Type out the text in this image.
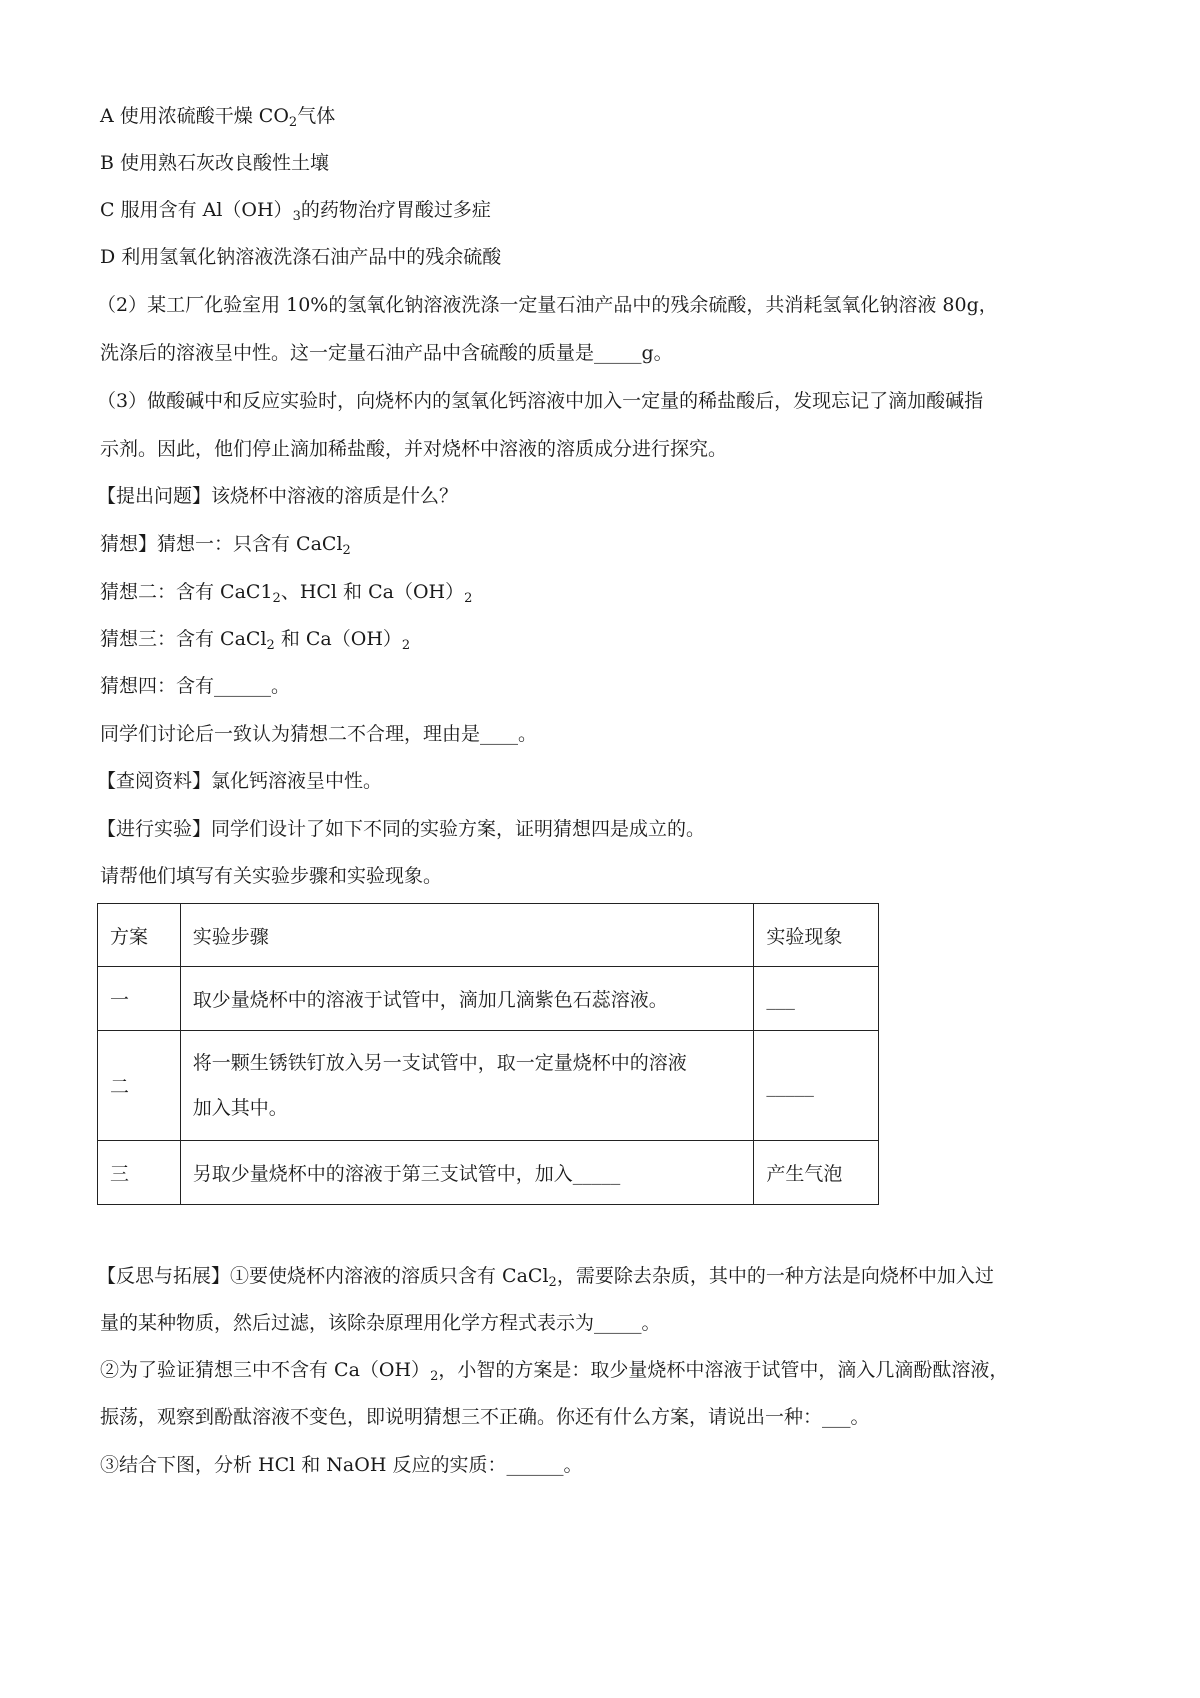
A 使用浓硫酸干燥 $CO_2$气体

B 使用熟石灰改良酸性土壤

C 服用含有 $Al(OH)_3$的药物治疗胃酸过多症

D 利用氢氧化钠溶液洗涤石油产品中的残余硫酸

（2）某工厂化验室用 10%的氢氧化钠溶液洗涤一定量石油产品中的残余硫酸，共消耗氢氧化钠溶液 80g，

洗涤后的溶液呈中性。这一定量石油产品中含硫酸的质量是_____g。

（3）做酸碱中和反应实验时，向烧杯内的氢氧化钙溶液中加入一定量的稀盐酸后，发现忘记了滴加酸碱指

示剂。因此，他们停止滴加稀盐酸，并对烧杯中溶液的溶质成分进行探究。

【提出问题】该烧杯中溶液的溶质是什么？

猜想】猜想一：只含有 CaCl$_2$

猜想二：含有 $CaC1_2$、HCl 和 $Ca(OH)_2$

猜想三：含有 CaCl$_2$ 和 $Ca(OH)_2$

猜想四：含有______。

同学们讨论后一致认为猜想二不合理，理由是____。

【查阅资料】氯化钙溶液呈中性。

【进行实验】同学们设计了如下不同的实验方案，证明猜想四是成立的。

请帮他们填写有关实验步骤和实验现象。

方案	实验步骤	实验现象
一	取少量烧杯中的溶液于试管中，滴加几滴紫色石蕊溶液。	___
二	将一颗生锈铁钉放入另一支试管中，取一定量烧杯中的溶液
加入其中。	_____
三	另取少量烧杯中的溶液于第三支试管中，加入_____	产生气泡

【反思与拓展】①要使烧杯内溶液的溶质只含有 CaCl$_2$，需要除去杂质，其中的一种方法是向烧杯中加入过

量的某种物质，然后过滤，该除杂原理用化学方程式表示为_____。

②为了验证猜想三中不含有 $Ca(OH)_2$，小智的方案是：取少量烧杯中溶液于试管中，滴入几滴酚酞溶液，

振荡，观察到酚酞溶液不变色，即说明猜想三不正确。你还有什么方案，请说出一种：___。

③结合下图，分析 HCl 和 NaOH 反应的实质：______。
